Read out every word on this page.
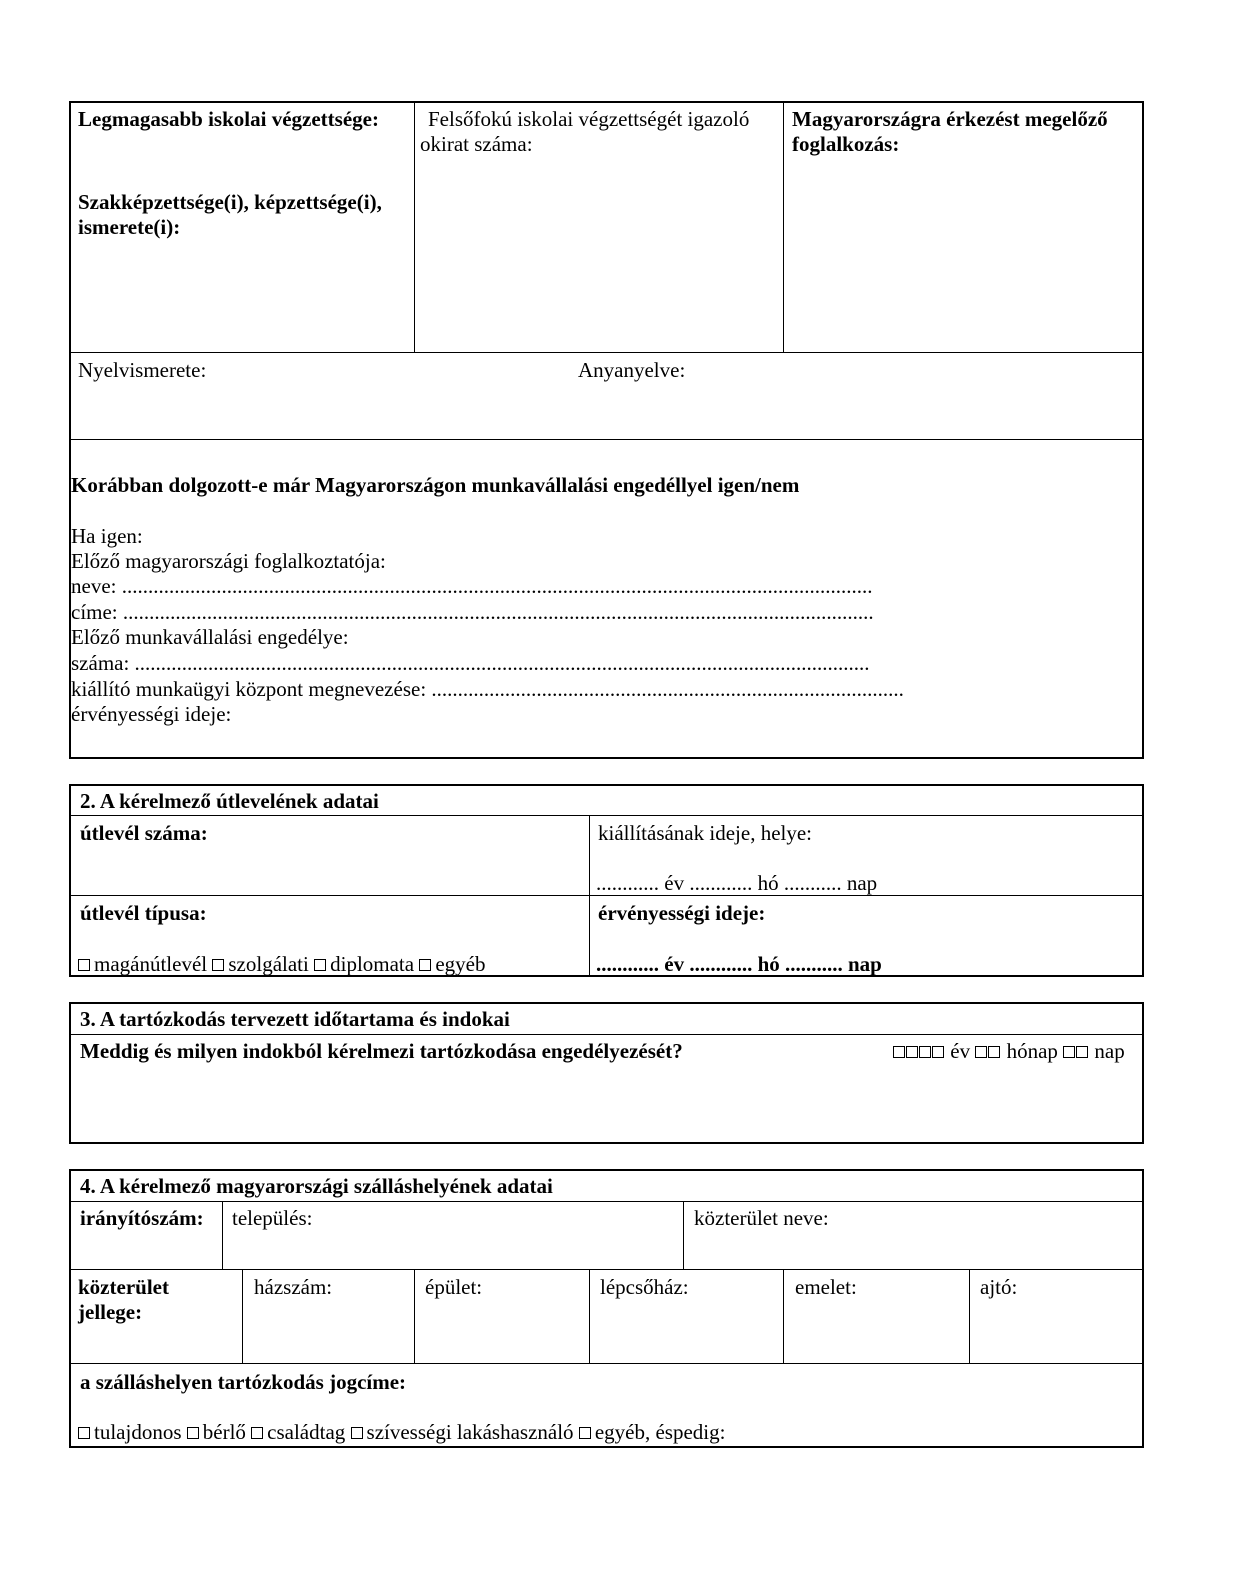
Legmagasabb iskolai végzettsége:
Szakképzettsége(i), képzettsége(i), ismerete(i):
Felsőfokú iskolai végzettségét igazoló okirat száma:
Magyarországra érkezést megelőző foglalkozás:
Nyelvismerete:	Anyanyelve:
Korábban dolgozott-e már Magyarországon munkavállalási engedéllyel igen/nem
Ha igen:
Előző magyarországi foglalkoztatója:
neve: ...............................................................................................................................................
címe: ...............................................................................................................................................
Előző munkavállalási engedélye:
száma: ............................................................................................................................................
kiállító munkaügyi központ megnevezése: ..........................................................................................
érvényességi ideje:
2. A kérelmező útlevelének adatai
útlevél száma:	kiállításának ideje, helye:
............ év ............ hó ........... nap
útlevél típusa:
magánútlevél szolgálati diplomata egyéb
érvényességi ideje:
............ év ............ hó ........... nap
3. A tartózkodás tervezett időtartama és indokai
Meddig és milyen indokból kérelmezi tartózkodása engedélyezését?	év hónap nap
4. A kérelmező magyarországi szálláshelyének adatai
irányítószám: település:	közterület neve:
közterület jellege:
házszám:	épület:	lépcsőház:	emelet:	ajtó:
a szálláshelyen tartózkodás jogcíme:
tulajdonos bérlő családtag szívességi lakáshasználó egyéb, éspedig:
